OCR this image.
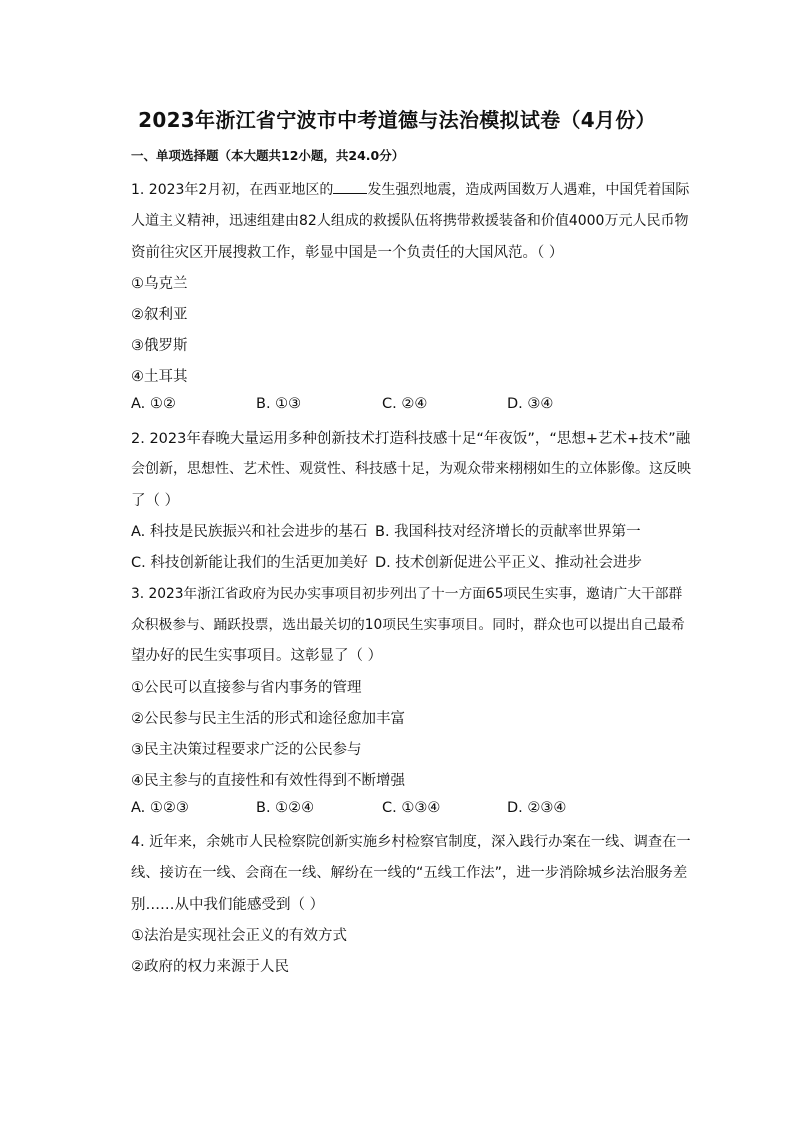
2023年浙江省宁波市中考道德与法治模拟试卷（4月份）
一、单项选择题（本大题共12小题，共24.0分）
1. 2023年2月初，在西亚地区的 发生强烈地震，造成两国数万人遇难，中国凭着国际
人道主义精神，迅速组建由82人组成的救援队伍将携带救援装备和价值4000万元人民币物
资前往灾区开展搜救工作，彰显中国是一个负责任的大国风范。（ ）
①乌克兰
②叙利亚
③俄罗斯
④土耳其
A. ①②	B. ①③	C. ②④	D. ③④
2. 2023年春晚大量运用多种创新技术打造科技感十足“年夜饭”，“思想+艺术+技术”融
会创新，思想性、艺术性、观赏性、科技感十足，为观众带来栩栩如生的立体影像。这反映
了（ ）
A. 科技是民族振兴和社会进步的基石 B. 我国科技对经济增长的贡献率世界第一
C. 科技创新能让我们的生活更加美好 D. 技术创新促进公平正义、推动社会进步
3. 2023年浙江省政府为民办实事项目初步列出了十一方面65项民生实事，邀请广大干部群
众积极参与、踊跃投票，选出最关切的10项民生实事项目。同时，群众也可以提出自己最希
望办好的民生实事项目。这彰显了（ ）
①公民可以直接参与省内事务的管理
②公民参与民主生活的形式和途径愈加丰富
③民主决策过程要求广泛的公民参与
④民主参与的直接性和有效性得到不断增强
A. ①②③	B. ①②④	C. ①③④	D. ②③④
4. 近年来，余姚市人民检察院创新实施乡村检察官制度，深入践行办案在一线、调查在一
线、接访在一线、会商在一线、解纷在一线的“五线工作法”，进一步消除城乡法治服务差
别……从中我们能感受到（ ）
①法治是实现社会正义的有效方式
②政府的权力来源于人民
